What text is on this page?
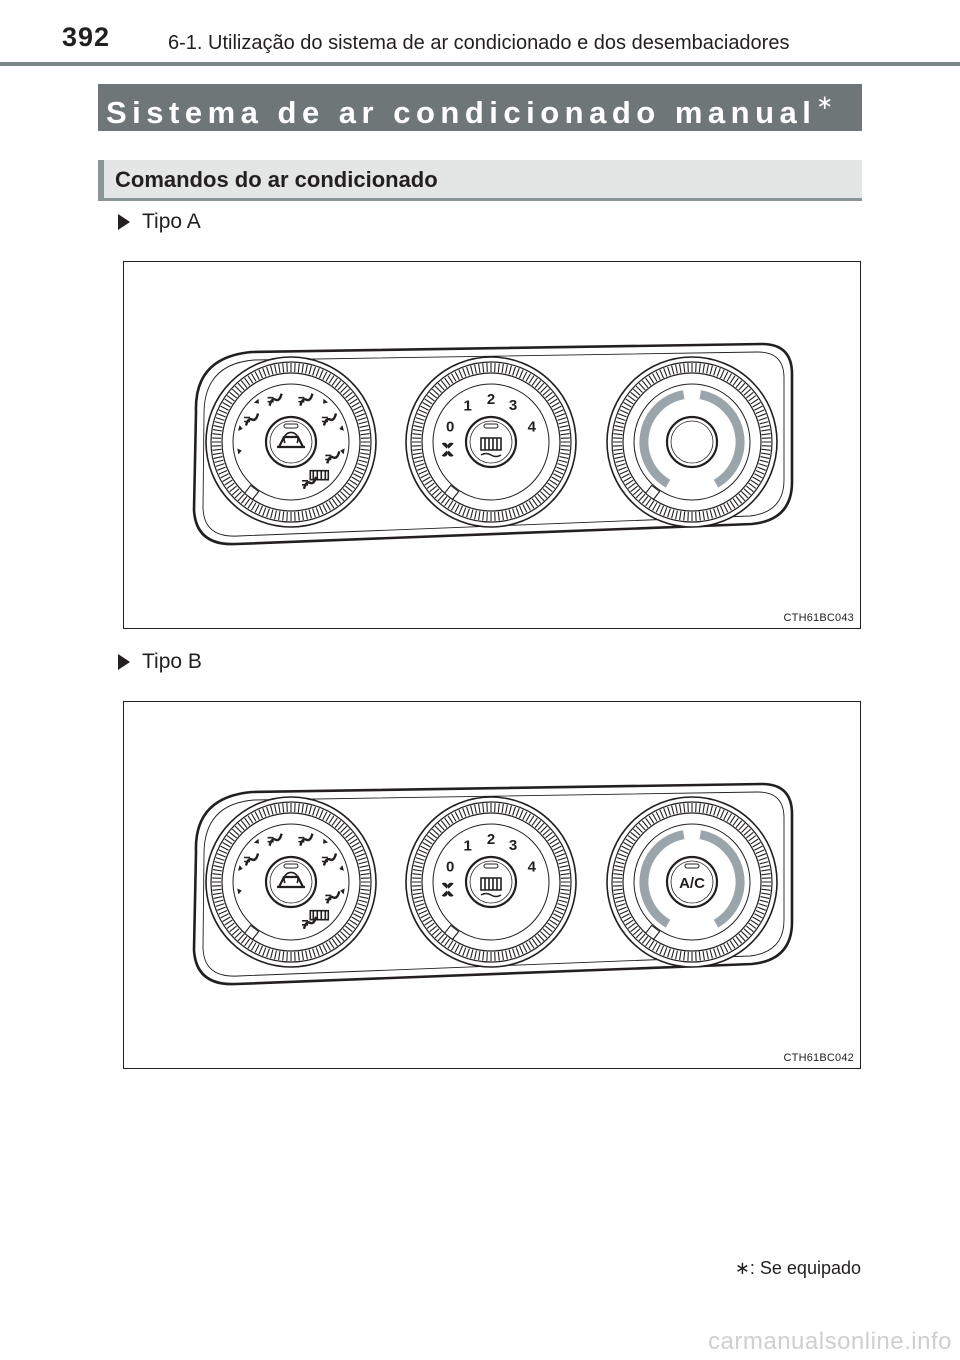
392	6-1. Utilização do sistema de ar condicionado e dos desembaciadores
Sistema de ar condicionado manual∗
Comandos do ar condicionado
Tipo A
0
1 2 3
4
CTH61BC043
Tipo B
0
1 2 3
4
A/C
CTH61BC042
∗: Se equipado
carmanualsonline.info
